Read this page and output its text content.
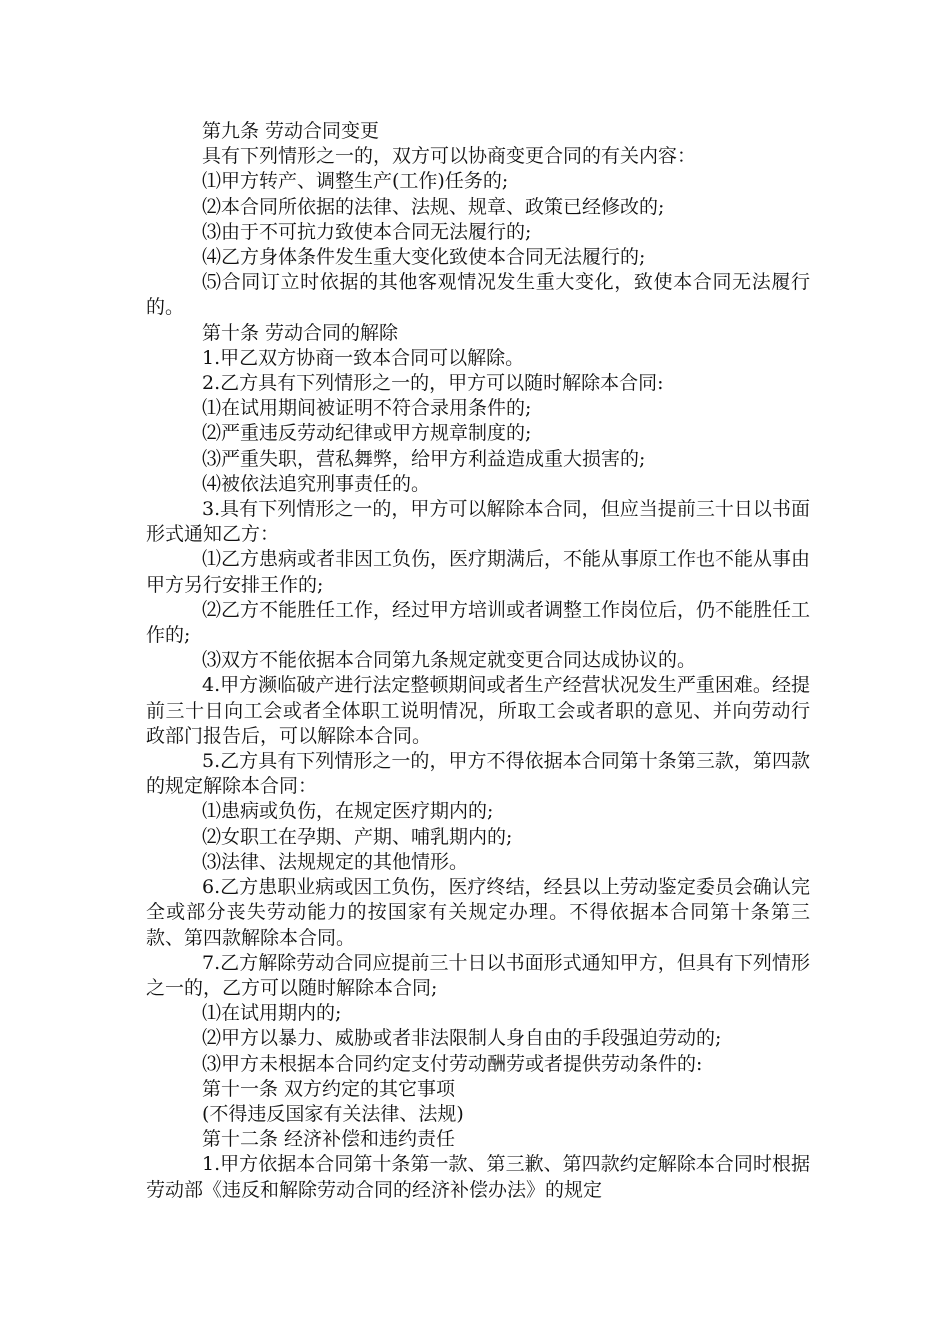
第九条 劳动合同变更

具有下列情形之一的，双方可以协商变更合同的有关内容：

⑴甲方转产、调整生产(工作)任务的;

⑵本合同所依据的法律、法规、规章、政策已经修改的;

⑶由于不可抗力致使本合同无法履行的;

⑷乙方身体条件发生重大变化致使本合同无法履行的;

⑸合同订立时依据的其他客观情况发生重大变化，致使本合同无法履行的。

第十条 劳动合同的解除

1.甲乙双方协商一致本合同可以解除。

2.乙方具有下列情形之一的，甲方可以随时解除本合同:

⑴在试用期间被证明不符合录用条件的;

⑵严重违反劳动纪律或甲方规章制度的;

⑶严重失职，营私舞弊，给甲方利益造成重大损害的;

⑷被依法追究刑事责任的。

3.具有下列情形之一的，甲方可以解除本合同，但应当提前三十日以书面形式通知乙方：

⑴乙方患病或者非因工负伤，医疗期满后，不能从事原工作也不能从事由甲方另行安排王作的;

⑵乙方不能胜任工作，经过甲方培训或者调整工作岗位后，仍不能胜任工作的;

⑶双方不能依据本合同第九条规定就变更合同达成协议的。

4.甲方濒临破产进行法定整顿期间或者生产经营状况发生严重困难。经提前三十日向工会或者全体职工说明情况，所取工会或者职的意见、并向劳动行政部门报告后，可以解除本合同。

5.乙方具有下列情形之一的，甲方不得依据本合同第十条第三款，第四款的规定解除本合同：

⑴患病或负伤，在规定医疗期内的;

⑵女职工在孕期、产期、哺乳期内的;

⑶法律、法规规定的其他情形。

6.乙方患职业病或因工负伤，医疗终结，经县以上劳动鉴定委员会确认完全或部分丧失劳动能力的按国家有关规定办理。不得依据本合同第十条第三款、第四款解除本合同。

7.乙方解除劳动合同应提前三十日以书面形式通知甲方，但具有下列情形之一的，乙方可以随时解除本合同;

⑴在试用期内的;

⑵甲方以暴力、威胁或者非法限制人身自由的手段强迫劳动的;

⑶甲方未根据本合同约定支付劳动酬劳或者提供劳动条件的:

第十一条 双方约定的其它事项

(不得违反国家有关法律、法规)

第十二条 经济补偿和违约责任

1.甲方依据本合同第十条第一款、第三歉、第四款约定解除本合同时根据劳动部《违反和解除劳动合同的经济补偿办法》的规定
